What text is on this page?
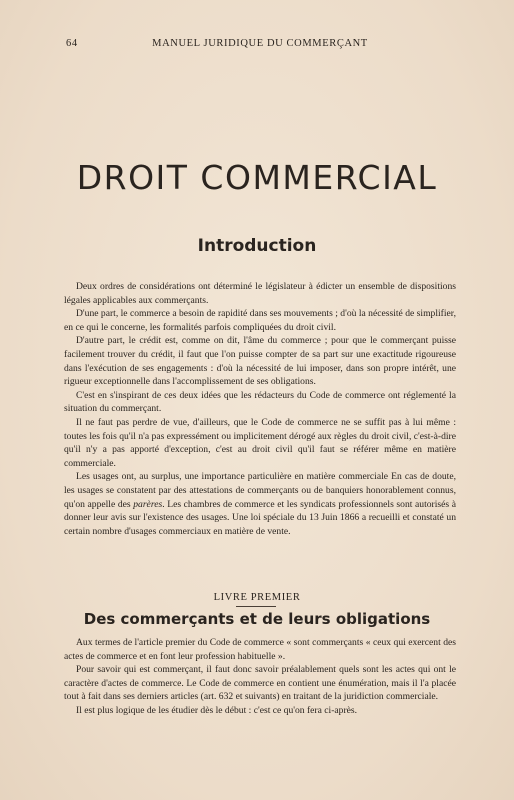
64	MANUEL JURIDIQUE DU COMMERÇANT
DROIT COMMERCIAL
Introduction

Deux ordres de considérations ont déterminé le législateur à édicter un ensemble de dispositions légales applicables aux commerçants.

D'une part, le commerce a besoin de rapidité dans ses mouvements ; d'où la nécessité de simplifier, en ce qui le concerne, les formalités parfois compliquées du droit civil.

D'autre part, le crédit est, comme on dit, l'âme du commerce ; pour que le commerçant puisse facilement trouver du crédit, il faut que l'on puisse compter de sa part sur une exactitude rigoureuse dans l'exécution de ses engagements : d'où la nécessité de lui imposer, dans son propre intérêt, une rigueur exceptionnelle dans l'accomplissement de ses obligations.

C'est en s'inspirant de ces deux idées que les rédacteurs du Code de commerce ont réglementé la situation du commerçant.

Il ne faut pas perdre de vue, d'ailleurs, que le Code de commerce ne se suffit pas à lui même : toutes les fois qu'il n'a pas expressément ou implicitement dérogé aux règles du droit civil, c'est-à-dire qu'il n'y a pas apporté d'exception, c'est au droit civil qu'il faut se référer même en matière commerciale.

Les usages ont, au surplus, une importance particulière en matière commerciale En cas de doute, les usages se constatent par des attestations de commerçants ou de banquiers honorablement connus, qu'on appelle des parères. Les chambres de commerce et les syndicats professionnels sont autorisés à donner leur avis sur l'existence des usages. Une loi spéciale du 13 Juin 1866 a recueilli et constaté un certain nombre d'usages commerciaux en matière de vente.

LIVRE PREMIER
Des commerçants et de leurs obligations

Aux termes de l'article premier du Code de commerce « sont commerçants « ceux qui exercent des actes de commerce et en font leur profession habituelle ».

Pour savoir qui est commerçant, il faut donc savoir préalablement quels sont les actes qui ont le caractère d'actes de commerce. Le Code de commerce en contient une énumération, mais il l'a placée tout à fait dans ses derniers articles (art. 632 et suivants) en traitant de la juridiction commerciale.

Il est plus logique de les étudier dès le début : c'est ce qu'on fera ci-après.
